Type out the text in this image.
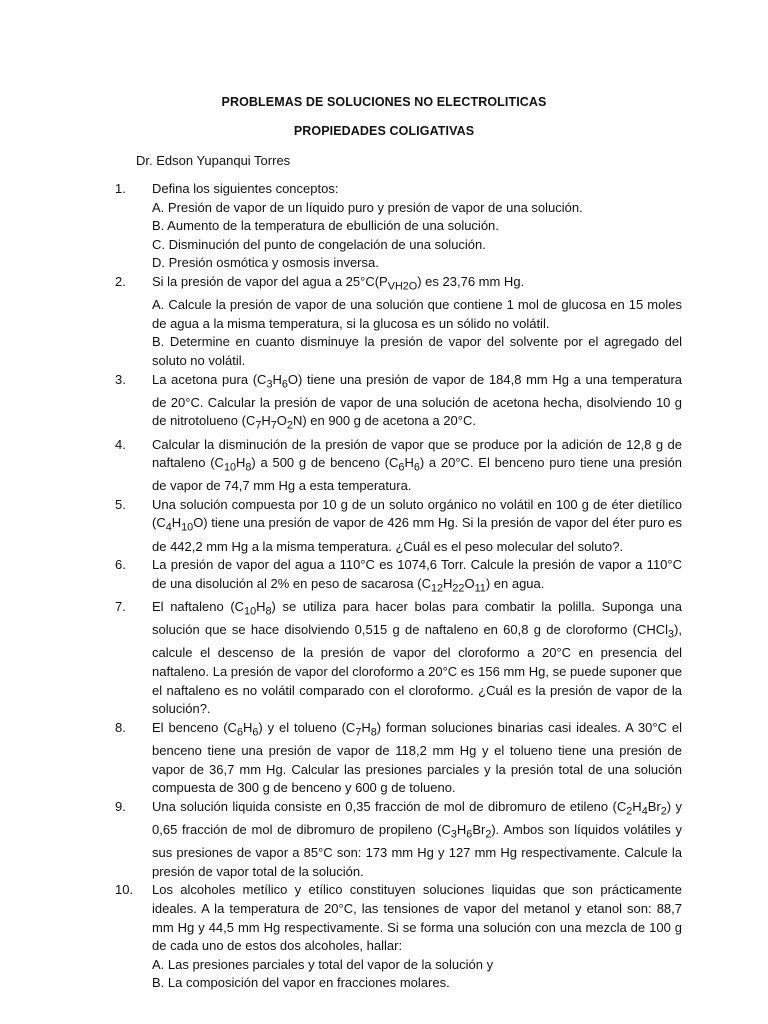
PROBLEMAS DE SOLUCIONES NO ELECTROLITICAS
PROPIEDADES COLIGATIVAS
Dr. Edson Yupanqui Torres
1.	Defina los siguientes conceptos:
A. Presión de vapor de un líquido puro y presión de vapor de una solución.
B. Aumento de la temperatura de ebullición de una solución.
C. Disminución del punto de congelación de una solución.
D. Presión osmótica y osmosis inversa.
2.	Si la presión de vapor del agua a $25^\circ C(P_{VH2O})$ es 23,76 mm Hg.
A. Calcule la presión de vapor de una solución que contiene 1 mol de glucosa en 15 moles de agua a la misma temperatura, si la glucosa es un sólido no volátil.
B. Determine en cuanto disminuye la presión de vapor del solvente por el agregado del soluto no volátil.
3.	La acetona pura $(C_3H_6O)$ tiene una presión de vapor de 184,8 mm Hg a una temperatura de 20°C. Calcular la presión de vapor de una solución de acetona hecha, disolviendo 10 g de nitrotolueno $(C_7H_7O_2N)$ en 900 g de acetona a 20°C.
4.	Calcular la disminución de la presión de vapor que se produce por la adición de 12,8 g de naftaleno $(C_{10}H_8)$ a 500 g de benceno $(C_6H_6)$ a 20°C. El benceno puro tiene una presión de vapor de 74,7 mm Hg a esta temperatura.
5.	Una solución compuesta por 10 g de un soluto orgánico no volátil en 100 g de éter dietílico $(C_4H_{10}O)$ tiene una presión de vapor de 426 mm Hg. Si la presión de vapor del éter puro es de 442,2 mm Hg a la misma temperatura. ¿Cuál es el peso molecular del soluto?.
6.	La presión de vapor del agua a 110°C es 1074,6 Torr. Calcule la presión de vapor a 110°C de una disolución al 2% en peso de sacarosa $(C_{12}H_{22}O_{11})$ en agua.
7.	El naftaleno $(C_{10}H_8)$ se utiliza para hacer bolas para combatir la polilla. Suponga una solución que se hace disolviendo 0,515 g de naftaleno en 60,8 g de cloroformo (CHCl$_3$), calcule el descenso de la presión de vapor del cloroformo a 20°C en presencia del naftaleno. La presión de vapor del cloroformo a 20°C es 156 mm Hg, se puede suponer que el naftaleno es no volátil comparado con el cloroformo. ¿Cuál es la presión de vapor de la solución?.
8.	El benceno $(C_6H_6)$ y el tolueno $(C_7H_8)$ forman soluciones binarias casi ideales. A 30°C el benceno tiene una presión de vapor de 118,2 mm Hg y el tolueno tiene una presión de vapor de 36,7 mm Hg. Calcular las presiones parciales y la presión total de una solución compuesta de 300 g de benceno y 600 g de tolueno.
9.	Una solución liquida consiste en 0,35 fracción de mol de dibromuro de etileno $(C_2H_4Br_2)$ y 0,65 fracción de mol de dibromuro de propileno $(C_3H_6Br_2)$. Ambos son líquidos volátiles y sus presiones de vapor a 85°C son: 173 mm Hg y 127 mm Hg respectivamente. Calcule la presión de vapor total de la solución.
10.	Los alcoholes metílico y etílico constituyen soluciones liquidas que son prácticamente ideales. A la temperatura de 20°C, las tensiones de vapor del metanol y etanol son: 88,7 mm Hg y 44,5 mm Hg respectivamente. Si se forma una solución con una mezcla de 100 g de cada uno de estos dos alcoholes, hallar:
A. Las presiones parciales y total del vapor de la solución y
B. La composición del vapor en fracciones molares.
